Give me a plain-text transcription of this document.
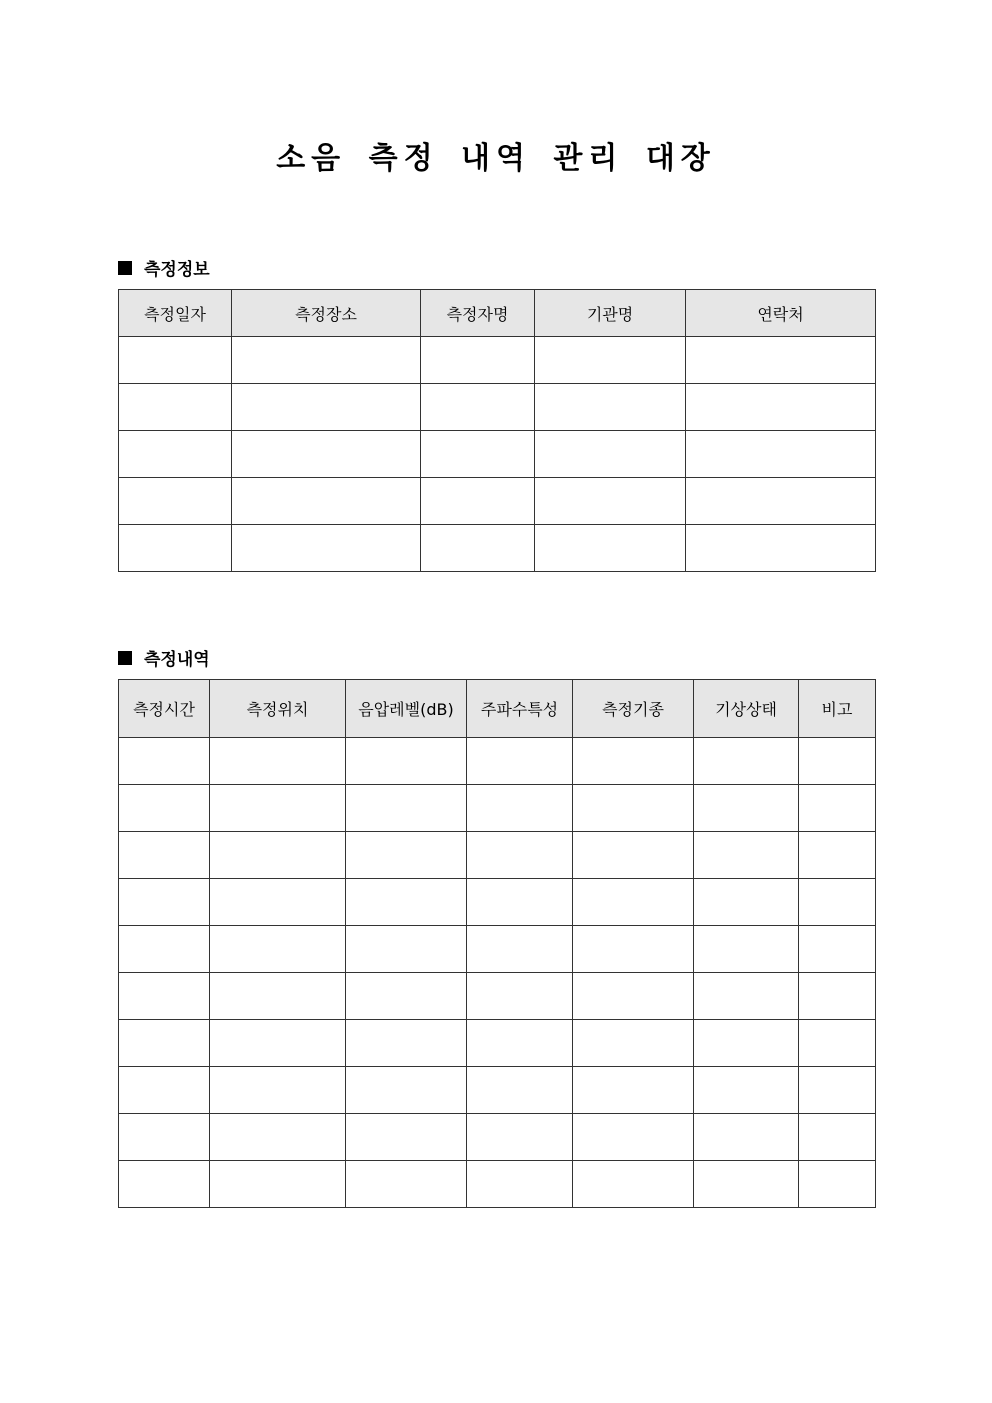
소음 측정 내역 관리 대장
측정정보
측정일자	측정장소	측정자명	기관명	연락처

측정내역
측정시간	측정위치	음압레벨(dB)	주파수특성	측정기종	기상상태	비고
